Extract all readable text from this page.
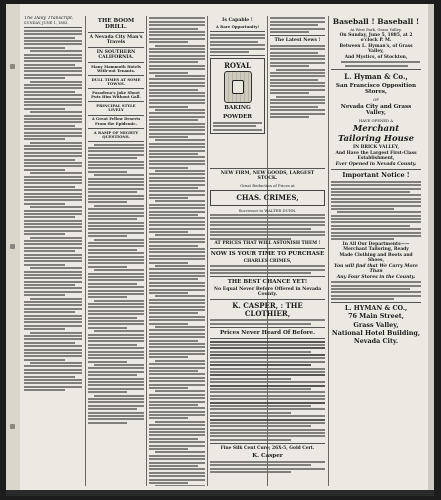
The Daily Transcript.
SUNDAY, JUNE 1, 1885.	THE BOOM DRILL.
A Nevada City Man's Travels
IN SOUTHERN CALIFORNIA.
Many Mammoth Hotels With-out Tenants.
DULL TIMES AT SOME TOWNS.
Pasadena's Jake Shoot Puts Him Without Gall.
PRINCIPAL STYLE LIVELY
A Great Fellow Deserts From the Epidemic.
A RAMP OF MIGHTY QUESTIONS.
Is Capable !
A Rare Opportunity!
ROYAL
BAKING
POWDER
The Latest News !
NEW FIRM, NEW GOODS, LARGEST STOCK.
Great Reduction of Prices at
CHAS. CRIMES,
Successor to WALTER DUNN.
AT PRICES THAT WILL ASTONISH THEM !
NOW IS YOUR TIME TO PURCHASE
CHARLES CRIMES,
THE BEST CHANCE YET!
No Equal Never Before Offered in Nevada County.
K. CASPER, : THE CLOTHIER,
Prices Never Heard Of Before.
Fine Silk Cent Cure; 26X-5, Gold Cert.
K. Casper
Baseball ! Baseball !
At West Park, Grass Valley,
On Sunday, June 5, 1885, at 2 o'clock P. M.
Between L. Hyman's, of Grass Valley,
And Mystics, of Stockton,
L. Hyman & Co.,
San Francisco Opposition Stores,
OF
Nevada City and Grass Valley,
HAVE OPENED A
Merchant Tailoring House
IN BRICK VALLEY,
And Have the Largest First-Class Establishment,
Ever Opened in Nevada County.
Important Notice !
In All Our Departments——Merchant Tailoring, Ready
Made Clothing and Boots and Shoes,
You will find that We Carry More Than
Any Four Stores in the County.
L. HYMAN & CO.,
76 Main Street,
Grass Valley,
National Hotel Building,
Nevada City.
